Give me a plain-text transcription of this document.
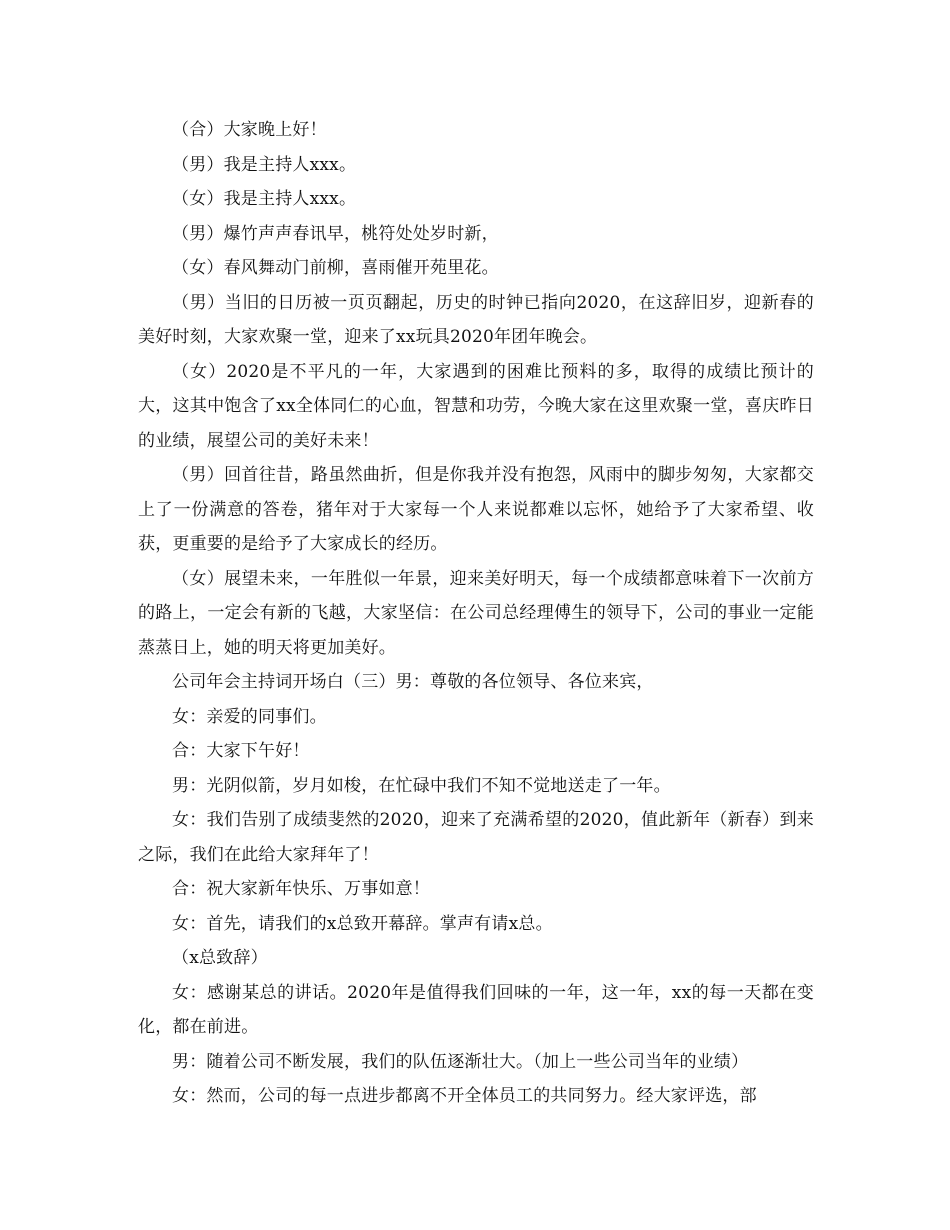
（合）大家晚上好！

（男）我是主持人xxx。

（女）我是主持人xxx。

（男）爆竹声声春讯早，桃符处处岁时新，

（女）春风舞动门前柳，喜雨催开苑里花。

（男）当旧的日历被一页页翻起，历史的时钟已指向2020，在这辞旧岁，迎新春的美好时刻，大家欢聚一堂，迎来了xx玩具2020年团年晚会。

（女）2020是不平凡的一年，大家遇到的困难比预料的多，取得的成绩比预计的大，这其中饱含了xx全体同仁的心血，智慧和功劳，今晚大家在这里欢聚一堂，喜庆昨日的业绩，展望公司的美好未来！

（男）回首往昔，路虽然曲折，但是你我并没有抱怨，风雨中的脚步匆匆，大家都交上了一份满意的答卷，猪年对于大家每一个人来说都难以忘怀，她给予了大家希望、收获，更重要的是给予了大家成长的经历。

（女）展望未来，一年胜似一年景，迎来美好明天，每一个成绩都意味着下一次前方的路上，一定会有新的飞越，大家坚信：在公司总经理傅生的领导下，公司的事业一定能蒸蒸日上，她的明天将更加美好。

公司年会主持词开场白（三）男：尊敬的各位领导、各位来宾，

女：亲爱的同事们。

合：大家下午好！

男：光阴似箭，岁月如梭，在忙碌中我们不知不觉地送走了一年。

女：我们告别了成绩斐然的2020，迎来了充满希望的2020，值此新年（新春）到来之际，我们在此给大家拜年了！

合：祝大家新年快乐、万事如意！

女：首先，请我们的x总致开幕辞。掌声有请x总。

（x总致辞）

女：感谢某总的讲话。2020年是值得我们回味的一年，这一年，xx的每一天都在变化，都在前进。

男：随着公司不断发展，我们的队伍逐渐壮大。（加上一些公司当年的业绩）

女：然而，公司的每一点进步都离不开全体员工的共同努力。经大家评选，部
